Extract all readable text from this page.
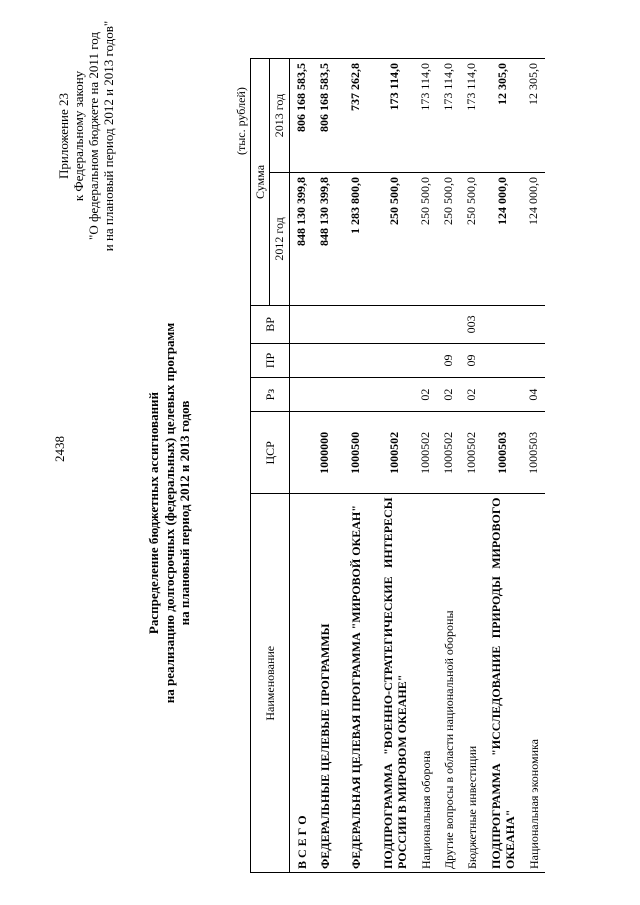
2438
Приложение 23 к Федеральному закону "О федеральном бюджете на 2011 год и на плановый период 2012 и 2013 годов"
Распределение бюджетных ассигнований на реализацию долгосрочных (федеральных) целевых программ на плановый период 2012 и 2013 годов
(тыс. рублей)
Наименование	ЦСР	Рз	ПР	ВР	Сумма	
					2012 год	2013 год
В С Е Г О					848 130 399,8	806 168 583,5
ФЕДЕРАЛЬНЫЕ ЦЕЛЕВЫЕ ПРОГРАММЫ	1000000				848 130 399,8	806 168 583,5
ФЕДЕРАЛЬНАЯ ЦЕЛЕВАЯ ПРОГРАММА "МИРОВОЙ ОКЕАН"	1000500				1 283 800,0	737 262,8
ПОДПРОГРАММА "ВОЕННО-СТРАТЕГИЧЕСКИЕ ИНТЕРЕСЫ РОССИИ В МИРОВОМ ОКЕАНЕ"	1000502				250 500,0	173 114,0
Национальная оборона	1000502	02			250 500,0	173 114,0
Другие вопросы в области национальной обороны	1000502	02	09		250 500,0	173 114,0
Бюджетные инвестиции	1000502	02	09	003	250 500,0	173 114,0
ПОДПРОГРАММА "ИССЛЕДОВАНИЕ ПРИРОДЫ МИРОВОГО ОКЕАНА"	1000503				124 000,0	12 305,0
Национальная экономика	1000503	04			124 000,0	12 305,0
